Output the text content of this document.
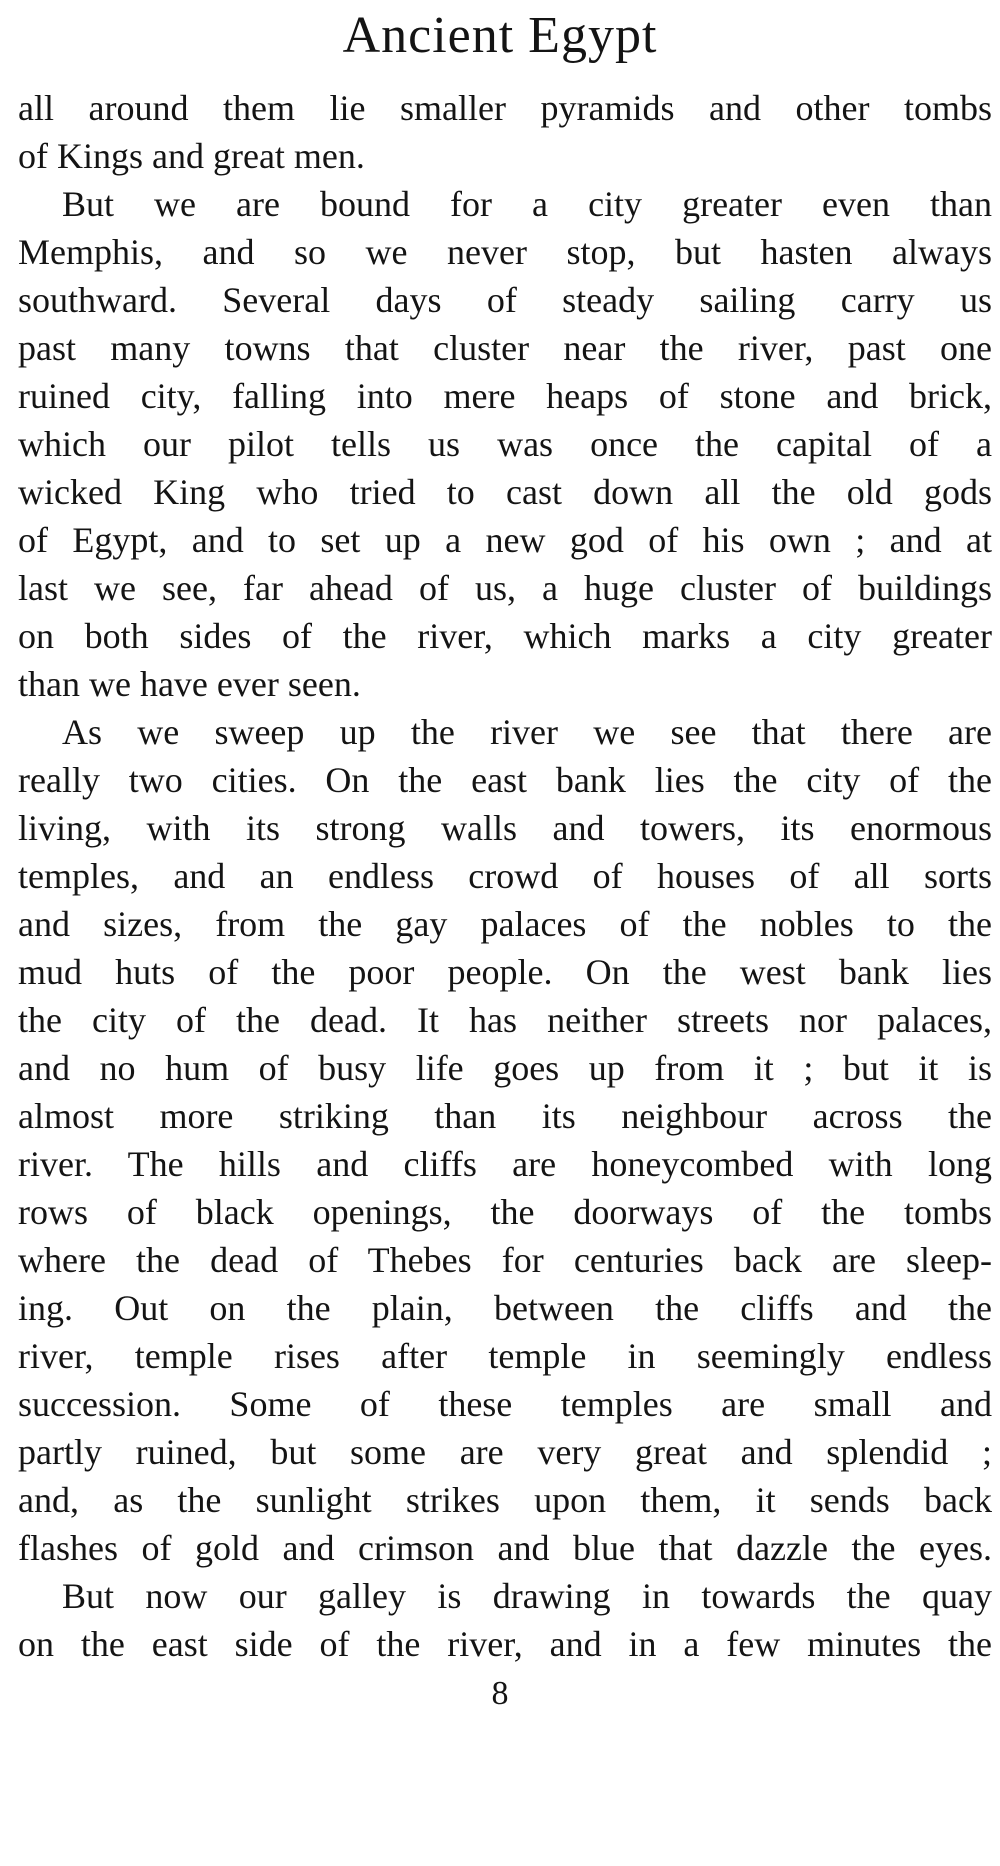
Ancient Egypt
all around them lie smaller pyramids and other tombs
of Kings and great men.
But we are bound for a city greater even than
Memphis, and so we never stop, but hasten always
southward. Several days of steady sailing carry us
past many towns that cluster near the river, past one
ruined city, falling into mere heaps of stone and brick,
which our pilot tells us was once the capital of a
wicked King who tried to cast down all the old gods
of Egypt, and to set up a new god of his own ; and at
last we see, far ahead of us, a huge cluster of buildings
on both sides of the river, which marks a city greater
than we have ever seen.
As we sweep up the river we see that there are
really two cities. On the east bank lies the city of the
living, with its strong walls and towers, its enormous
temples, and an endless crowd of houses of all sorts
and sizes, from the gay palaces of the nobles to the
mud huts of the poor people. On the west bank lies
the city of the dead. It has neither streets nor palaces,
and no hum of busy life goes up from it ; but it is
almost more striking than its neighbour across the
river. The hills and cliffs are honeycombed with long
rows of black openings, the doorways of the tombs
where the dead of Thebes for centuries back are sleep-
ing. Out on the plain, between the cliffs and the
river, temple rises after temple in seemingly endless
succession. Some of these temples are small and
partly ruined, but some are very great and splendid ;
and, as the sunlight strikes upon them, it sends back
flashes of gold and crimson and blue that dazzle the eyes.
But now our galley is drawing in towards the quay
on the east side of the river, and in a few minutes the
8
